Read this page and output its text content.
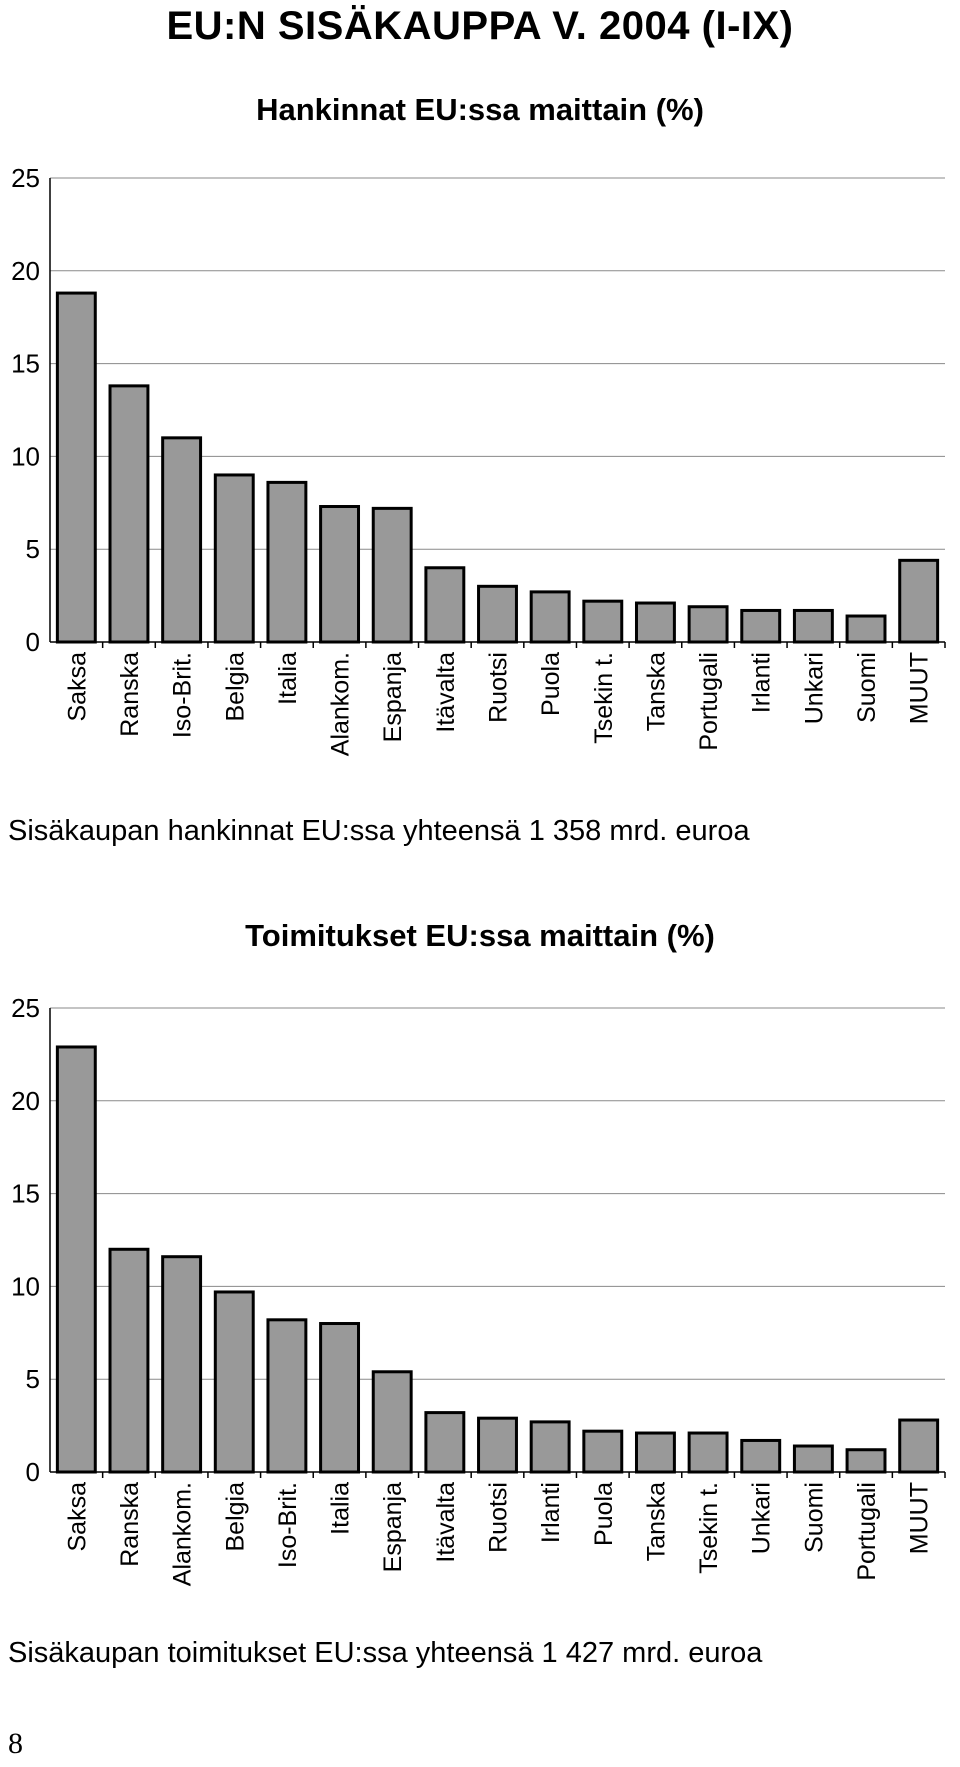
EU:N SISÄKAUPPA V. 2004 (I-IX)
Hankinnat EU:ssa maittain (%)
0
5
10
15
20
25
Saksa Ranska Iso-Brit. Belgia Italia Alankom. Espanja Itävalta Ruotsi Puola Tsekin t. Tanska Portugali Irlanti Unkari Suomi MUUT

Sisäkaupan hankinnat EU:ssa yhteensä 1 358 mrd. euroa

Toimitukset EU:ssa maittain (%)
0
5
10
15
20
25
Saksa Ranska Alankom. Belgia Iso-Brit. Italia Espanja Itävalta Ruotsi Irlanti Puola Tanska Tsekin t. Unkari Suomi Portugali MUUT

Sisäkaupan toimitukset EU:ssa yhteensä 1 427 mrd. euroa

8
